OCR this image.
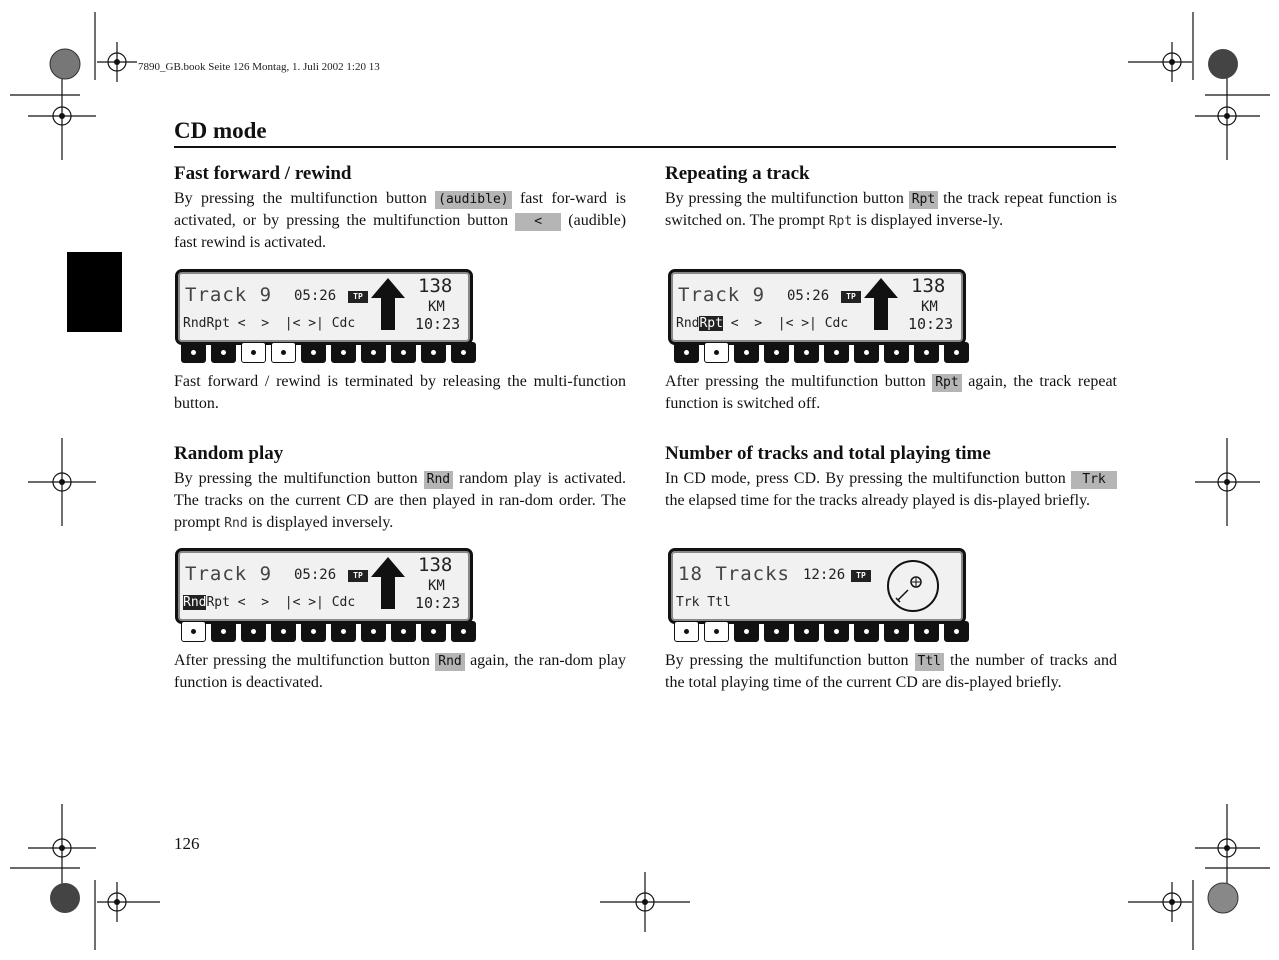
7890_GB.book Seite 126 Montag, 1. Juli 2002 1:20 13
CD mode
Fast forward / rewind

By pressing the multifunction button (audible) fast for-ward is activated, or by pressing the multifunction button < (audible) fast rewind is activated.

Track 9 05:26	TP	138
KM
RndRpt <  >  |< >| Cdc	10:23

Fast forward / rewind is terminated by releasing the multi-function button.

Repeating a track

By pressing the multifunction button Rpt the track repeat function is switched on. The prompt Rpt is displayed inverse-ly.

Track 9 05:26	TP	138
KM
RndRpt <  >  |< >| Cdc	10:23

After pressing the multifunction button Rpt again, the track repeat function is switched off.

Random play

By pressing the multifunction button Rnd random play is activated. The tracks on the current CD are then played in ran-dom order. The prompt Rnd is displayed inversely.

Track 9 05:26	TP	138
KM
RndRpt <  >  |< >| Cdc	10:23

After pressing the multifunction button Rnd again, the ran-dom play function is deactivated.

Number of tracks and total playing time

In CD mode, press CD. By pressing the multifunction button Trk the elapsed time for the tracks already played is dis-played briefly.

18 Tracks 12:26	TP
Trk Ttl

By pressing the multifunction button Ttl the number of tracks and the total playing time of the current CD are dis-played briefly.

126
